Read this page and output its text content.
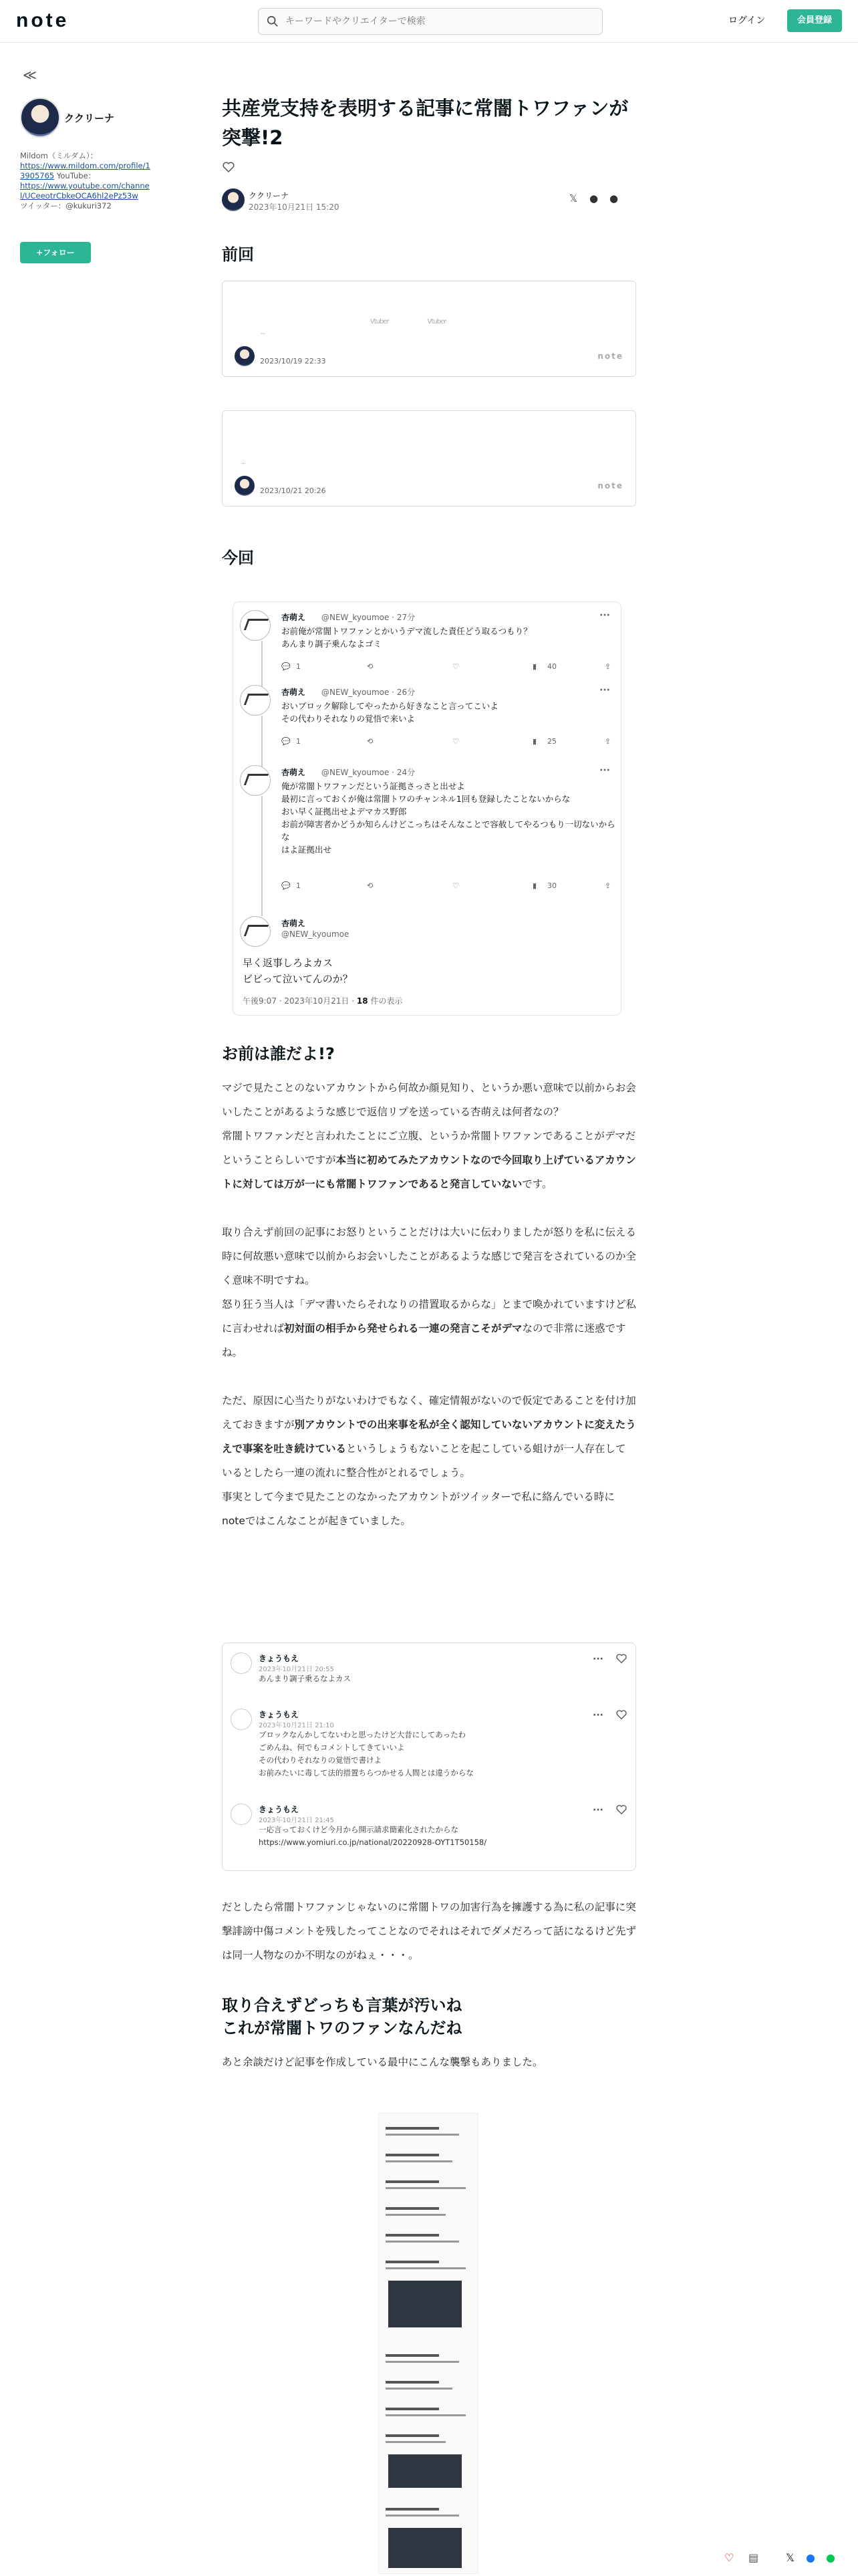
note
キーワードやクリエイターで検索	ログイン	会員登録
≪
ククリーナ
Mildom（ミルダム）：
https://www.mildom.com/profile/13905765 YouTube：
https://www.youtube.com/channel/UCeeotrCbkeOCA6hl2ePz53w
ツイッター：@kukuri372
+フォロー
共産党支持を表明する記事に常闇トワファンが突撃!2
ククリーナ
2023年10月21日 15:20
𝕏 ● ●
前回
ㅤㅤㅤㅤㅤㅤㅤㅤㅤㅤㅤㅤㅤㅤㅤㅤㅤㅤㅤㅤㅤㅤㅤㅤㅤㅤ
ㅤㅤㅤㅤㅤㅤㅤㅤㅤㅤㅤㅤㅤㅤㅤㅤㅤㅤㅤㅤㅤVtuberㅤㅤㅤㅤㅤㅤVtuberㅤㅤㅤㅤㅤㅤㅤㅤㅤㅤㅤㅤㅤㅤㅤㅤㅤㅤㅤㅤㅤㅤㅤㅤㅤㅤㅤㅤㅤㅤㅤ...
ㅤㅤㅤ
2023/10/19 22:33
note
ㅤㅤㅤㅤㅤㅤㅤㅤㅤㅤㅤㅤㅤㅤㅤㅤㅤㅤㅤㅤㅤㅤ
ㅤㅤㅤㅤㅤㅤㅤㅤㅤㅤㅤㅤㅤㅤㅤㅤㅤㅤㅤㅤㅤㅤㅤㅤㅤㅤㅤㅤㅤㅤㅤㅤㅤㅤㅤㅤㅤㅤㅤㅤㅤㅤㅤㅤㅤㅤㅤㅤㅤㅤㅤㅤㅤㅤㅤㅤㅤㅤㅤㅤ...
ㅤㅤㅤ
2023/10/21 20:26
note
今回
杏萌え @NEW_kyoumoe · 27分	···
お前俺が常闇トワファンとかいうデマ流した責任どう取るつもり？
あんまり調子乗んなよゴミ
💬 1	⟲	♡	▮ 40	⇪
杏萌え @NEW_kyoumoe · 26分	···
おいブロック解除してやったから好きなこと言ってこいよ
その代わりそれなりの覚悟で来いよ
💬 1	⟲	♡	▮ 25	⇪
杏萌え @NEW_kyoumoe · 24分	···
俺が常闇トワファンだという証拠さっさと出せよ
最初に言っておくが俺は常闇トワのチャンネル1回も登録したことないからな
おい早く証拠出せよデマカス野郎
お前が障害者かどうか知らんけどこっちはそんなことで容赦してやるつもり一切ないからな
はよ証拠出せ
💬 1	⟲	♡	▮ 30	⇪
杏萌え
@NEW_kyoumoe
早く返事しろよカス
ビビって泣いてんのか？
午後9:07 · 2023年10月21日 · 18 件の表示
お前は誰だよ!?

マジで見たことのないアカウントから何故か顔見知り、というか悪い意味で以前からお会いしたことがあるような感じで返信リプを送っている杏萌えは何者なの？

常闇トワファンだと言われたことにご立腹、というか常闇トワファンであることがデマだということらしいですが本当に初めてみたアカウントなので今回取り上げているアカウントに対しては万が一にも常闇トワファンであると発言していないです。

取り合えず前回の記事にお怒りということだけは大いに伝わりましたが怒りを私に伝える時に何故悪い意味で以前からお会いしたことがあるような感じで発言をされているのか全く意味不明ですね。

怒り狂う当人は「デマ書いたらそれなりの措置取るからな」とまで喚かれていますけど私に言わせれば初対面の相手から発せられる一連の発言こそがデマなので非常に迷惑ですね。

ただ、原因に心当たりがないわけでもなく、確定情報がないので仮定であることを付け加えておきますが別アカウントでの出来事を私が全く認知していないアカウントに変えたうえで事案を吐き続けているというしょうもないことを起こしている蛆けが一人存在しているとしたら一連の流れに整合性がとれるでしょう。

事実として今まで見たことのなかったアカウントがツイッターで私に絡んでいる時にnoteではこんなことが起きていました。

きょうもえ
2023年10月21日 20:55
あんまり調子乗るなよカス
···
きょうもえ
2023年10月21日 21:10
ブロックなんかしてないわと思ったけど大昔にしてあったわ
ごめんね、何でもコメントしてきていいよ
その代わりそれなりの覚悟で書けよ
お前みたいに毒して法的措置ちらつかせる人間とは違うからな
···
きょうもえ
2023年10月21日 21:45
一応言っておくけど今月から開示請求簡素化されたからな
https://www.yomiuri.co.jp/national/20220928-OYT1T50158/
···

だとしたら常闇トワファンじゃないのに常闇トワの加害行為を擁護する為に私の記事に突撃誹謗中傷コメントを残したってことなのでそれはそれでダメだろって話になるけど先ずは同一人物なのか不明なのがねぇ・・・。

取り合えずどっちも言葉が汚いね
これが常闇トワのファンなんだね

あと余談だけど記事を作成している最中にこんな襲撃もありました。

♡ ▤	𝕏 ● ●
